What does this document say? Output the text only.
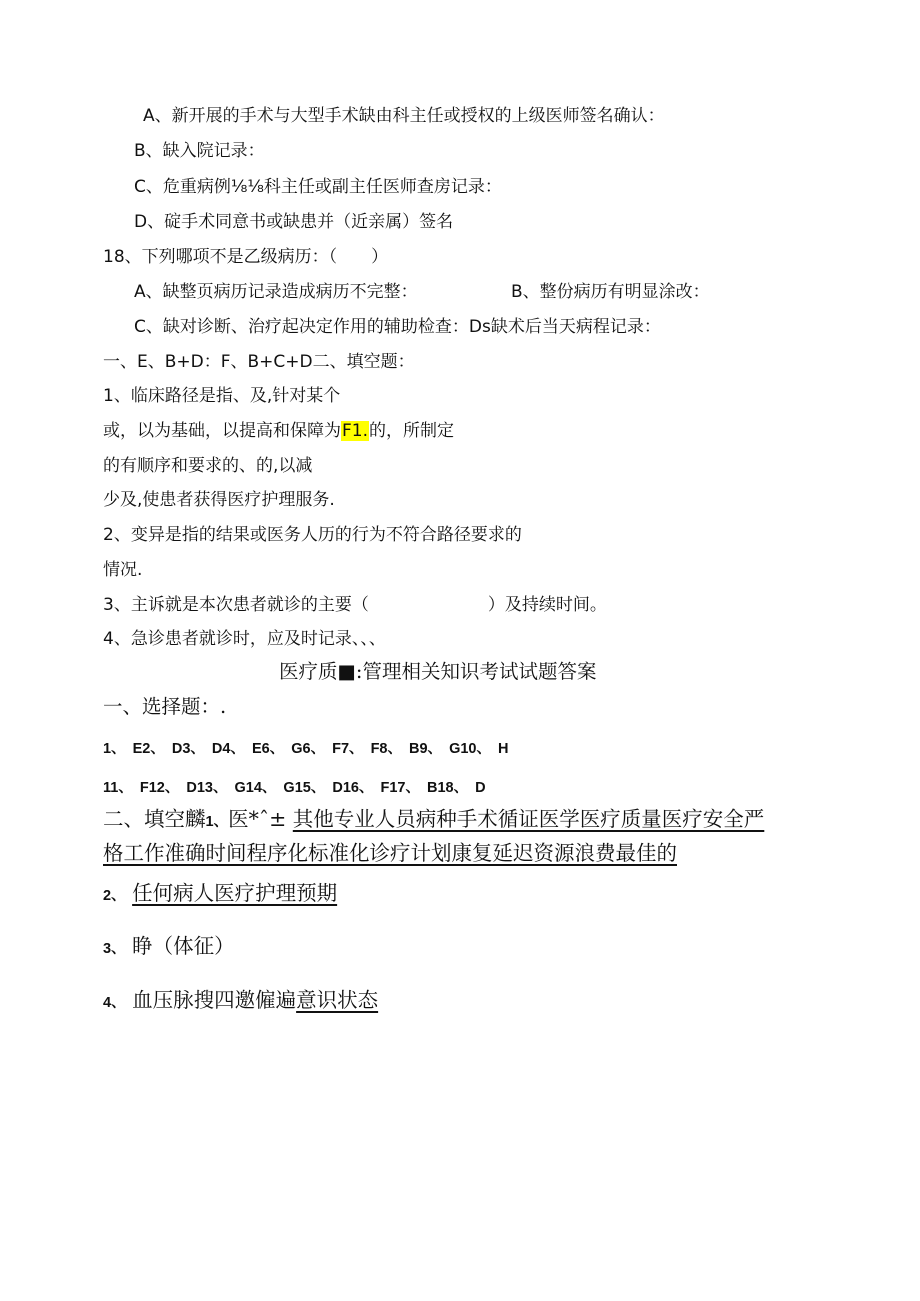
A、新开展的手术与大型手术缺由科主任或授权的上级医师签名确认：
B、缺入院记录：
C、危重病例⅛⅛科主任或副主任医师查房记录：
D、碇手术同意书或缺患并（近亲属）签名
18、下列哪项不是乙级病历：（　　）
A、缺整页病历记录造成病历不完整：	B、整份病历有明显涂改：
C、缺对诊断、治疗起决定作用的辅助检查：Ds缺术后当天病程记录：
一、E、B+D：F、B+C+D二、填空题：
1、临床路径是指、及,针对某个
或，以为基础，以提高和保障为F1.的，所制定
的有顺序和要求的、的,以减
少及,使患者获得医疗护理服务.
2、变异是指的结果或医务人历的行为不符合路径要求的
情况.
3、主诉就是本次患者就诊的主要（　　　　　　　）及持续时间。
4、急诊患者就诊时，应及时记录、、、
医疗质■:管理相关知识考试试题答案
一、选择题：.
1、 E2、 D3、 D4、 E6、 G6、 F7、 F8、 B9、 G10、 H
11、 F12、 D13、 G14、 G15、 D16、 F17、 B18、 D
二、填空麟1、医*ˆ± 其他专业人员病种手术循证医学医疗质量医疗安全严
格工作准确时间程序化标准化诊疗计划康复延迟资源浪费最佳的
2、 任何病人医疗护理预期
3、 睁（体征）
4、 血压脉搜四邀僱遍意识状态
